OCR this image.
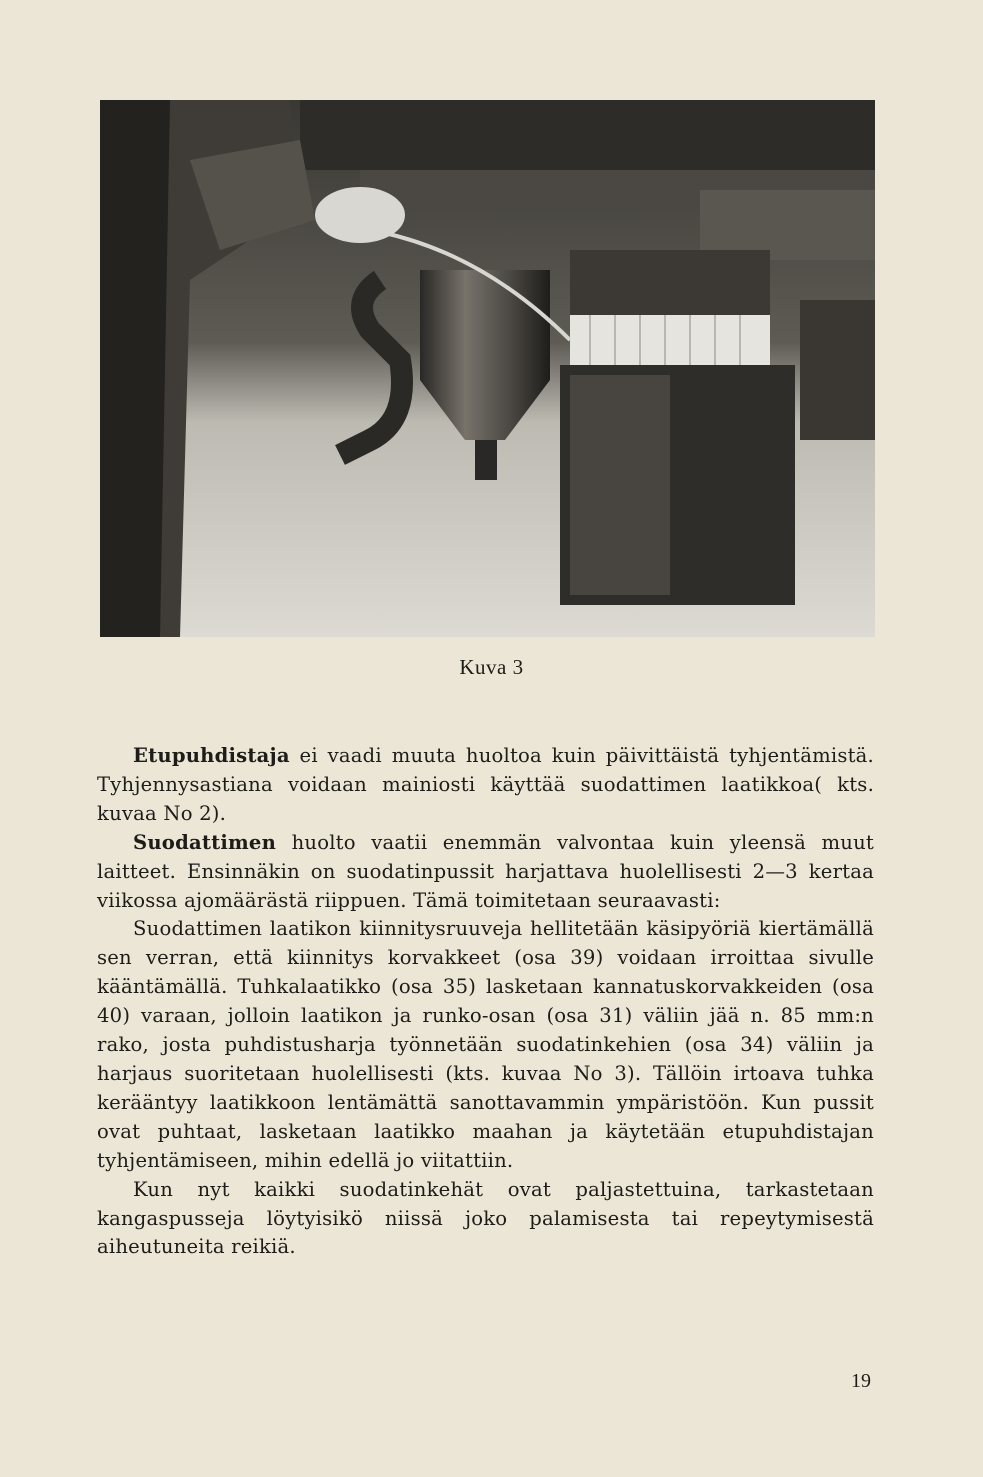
Kuva 3

Etupuhdistaja ei vaadi muuta huoltoa kuin päivittäistä tyhjentämistä. Tyhjennysastiana voidaan mainiosti käyttää suodattimen laatikkoa( kts. kuvaa No 2).

Suodattimen huolto vaatii enemmän valvontaa kuin yleensä muut laitteet. Ensinnäkin on suodatinpussit harjattava huolellisesti 2—3 kertaa viikossa ajomäärästä riippuen. Tämä toimitetaan seuraavasti:

Suodattimen laatikon kiinnitysruuveja hellitetään käsipyöriä kiertämällä sen verran, että kiinnitys korvakkeet (osa 39) voidaan irroittaa sivulle kääntämällä. Tuhkalaatikko (osa 35) lasketaan kannatuskorvakkeiden (osa 40) varaan, jolloin laatikon ja runko-osan (osa 31) väliin jää n. 85 mm:n rako, josta puhdistusharja työnnetään suodatinkehien (osa 34) väliin ja harjaus suoritetaan huolellisesti (kts. kuvaa No 3). Tällöin irtoava tuhka kerääntyy laatikkoon lentämättä sanottavammin ympäristöön. Kun pussit ovat puhtaat, lasketaan laatikko maahan ja käytetään etupuhdistajan tyhjentämiseen, mihin edellä jo viitattiin.

Kun nyt kaikki suodatinkehät ovat paljastettuina, tarkastetaan kangaspusseja löytyisikö niissä joko palamisesta tai repeytymisestä aiheutuneita reikiä.

19
